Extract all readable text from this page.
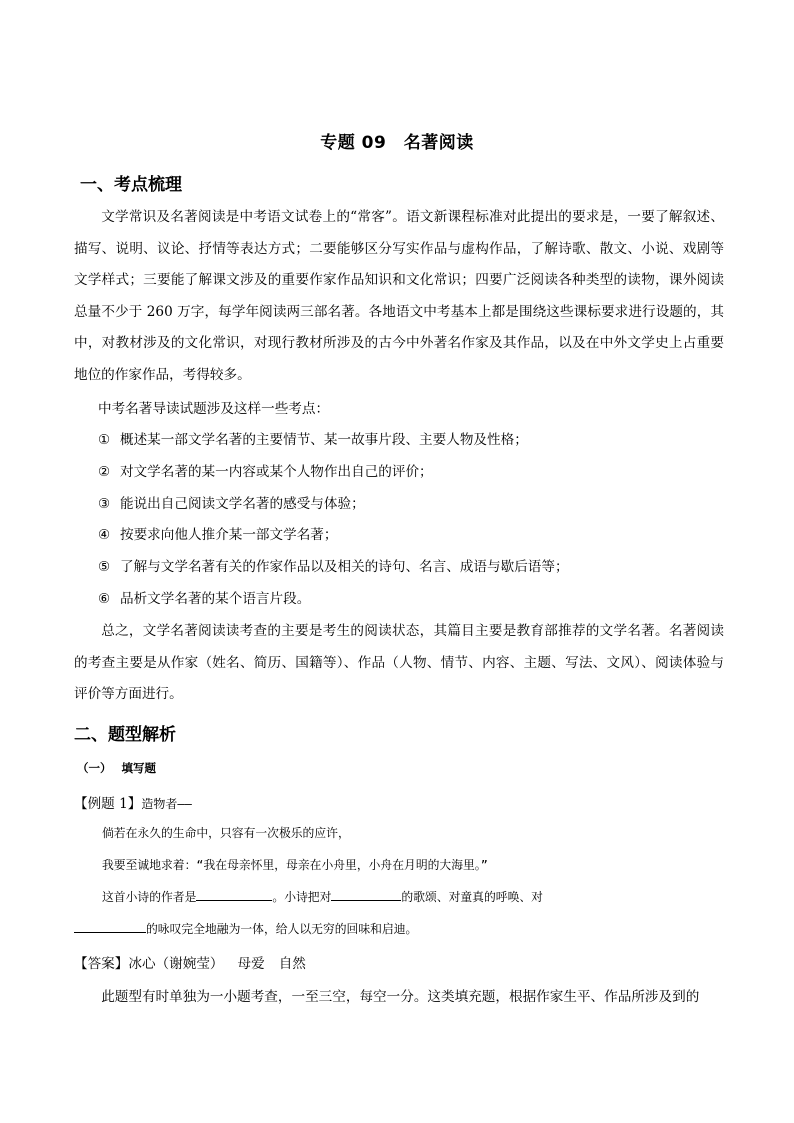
专题 09　名著阅读
一、考点梳理
文学常识及名著阅读是中考语文试卷上的“常客”。语文新课程标准对此提出的要求是，一要了解叙述、描写、说明、议论、抒情等表达方式；二要能够区分写实作品与虚构作品，了解诗歌、散文、小说、戏剧等文学样式；三要能了解课文涉及的重要作家作品知识和文化常识；四要广泛阅读各种类型的读物，课外阅读总量不少于 260 万字，每学年阅读两三部名著。各地语文中考基本上都是围绕这些课标要求进行设题的，其中，对教材涉及的文化常识，对现行教材所涉及的古今中外著名作家及其作品，以及在中外文学史上占重要地位的作家作品，考得较多。
中考名著导读试题涉及这样一些考点：
① 概述某一部文学名著的主要情节、某一故事片段、主要人物及性格；
② 对文学名著的某一内容或某个人物作出自己的评价；
③ 能说出自己阅读文学名著的感受与体验；
④ 按要求向他人推介某一部文学名著；
⑤ 了解与文学名著有关的作家作品以及相关的诗句、名言、成语与歇后语等；
⑥ 品析文学名著的某个语言片段。
总之，文学名著阅读读考查的主要是考生的阅读状态，其篇目主要是教育部推荐的文学名著。名著阅读的考查主要是从作家（姓名、简历、国籍等）、作品（人物、情节、内容、主题、写法、文风）、阅读体验与评价等方面进行。
二、题型解析
（一） 填写题
【例题 1】造物者——
倘若在永久的生命中，只容有一次极乐的应许，
我要至诚地求着：“我在母亲怀里，母亲在小舟里，小舟在月明的大海里。”
这首小诗的作者是	。小诗把对	的歌颂、对童真的呼唤、对
的咏叹完全地融为一体，给人以无穷的回味和启迪。
【答案】冰心（谢婉莹） 母爱 自然
此题型有时单独为一小题考查，一至三空，每空一分。这类填充题，根据作家生平、作品所涉及到的
